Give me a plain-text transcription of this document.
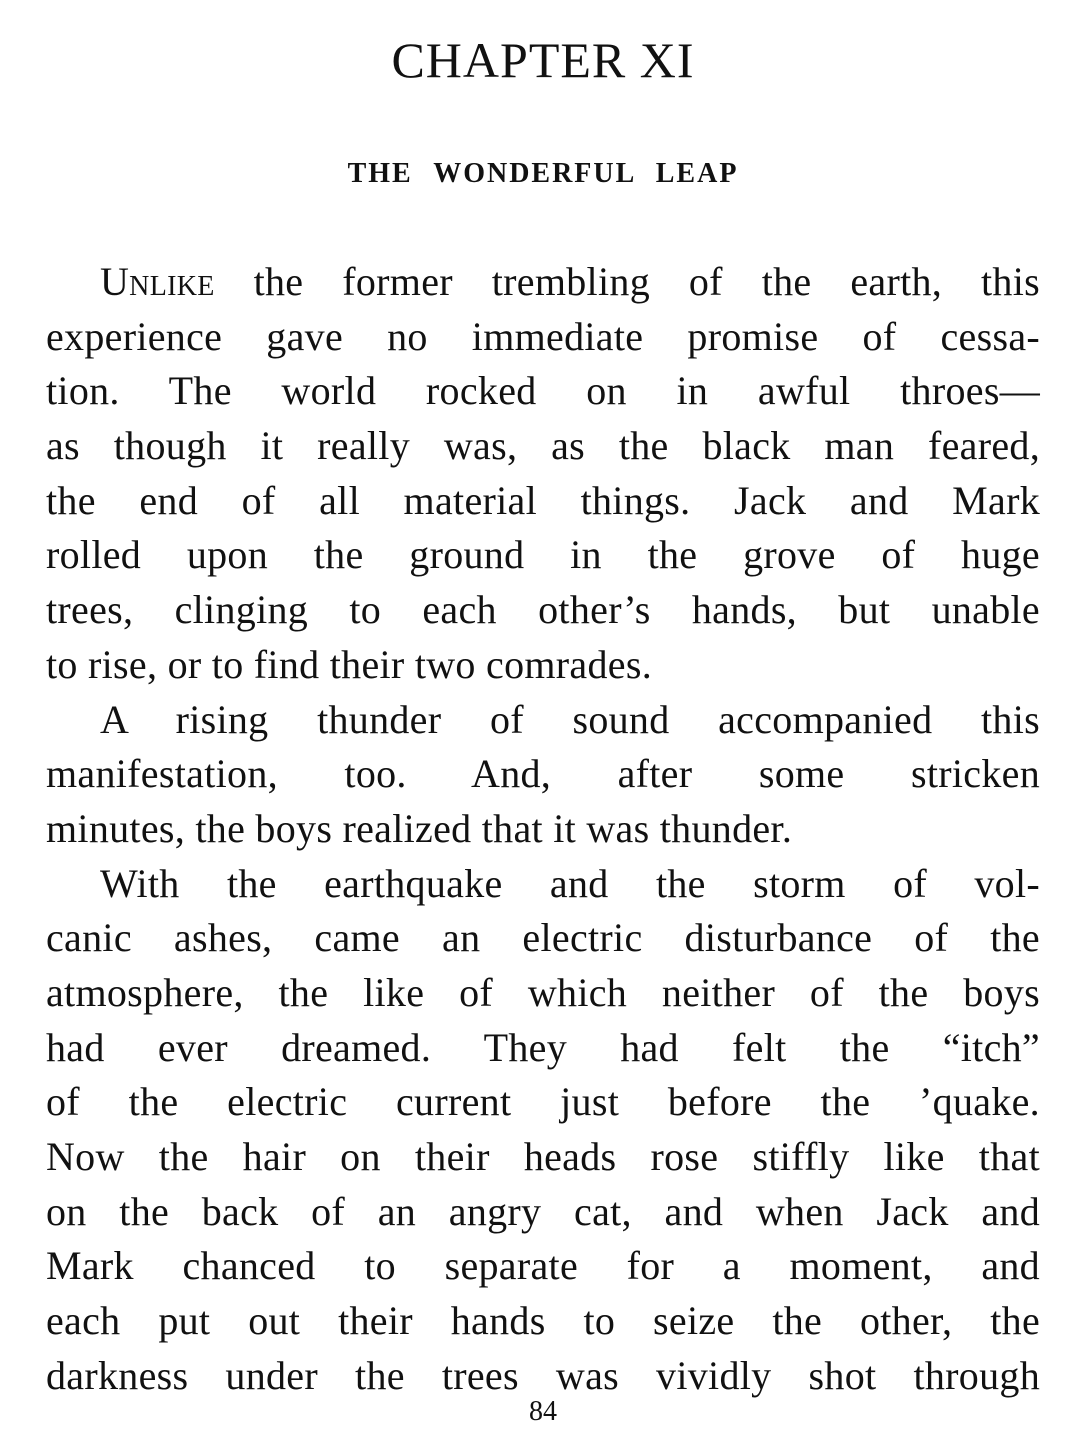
CHAPTER XI
THE WONDERFUL LEAP
Unlike the former trembling of the earth, this
experience gave no immediate promise of cessa-
tion. The world rocked on in awful throes—
as though it really was, as the black man feared,
the end of all material things. Jack and Mark
rolled upon the ground in the grove of huge
trees, clinging to each other’s hands, but unable
to rise, or to find their two comrades.
A rising thunder of sound accompanied this
manifestation, too. And, after some stricken
minutes, the boys realized that it was thunder.
With the earthquake and the storm of vol-
canic ashes, came an electric disturbance of the
atmosphere, the like of which neither of the boys
had ever dreamed. They had felt the “itch”
of the electric current just before the ’quake.
Now the hair on their heads rose stiffly like that
on the back of an angry cat, and when Jack and
Mark chanced to separate for a moment, and
each put out their hands to seize the other, the
darkness under the trees was vividly shot through
84
